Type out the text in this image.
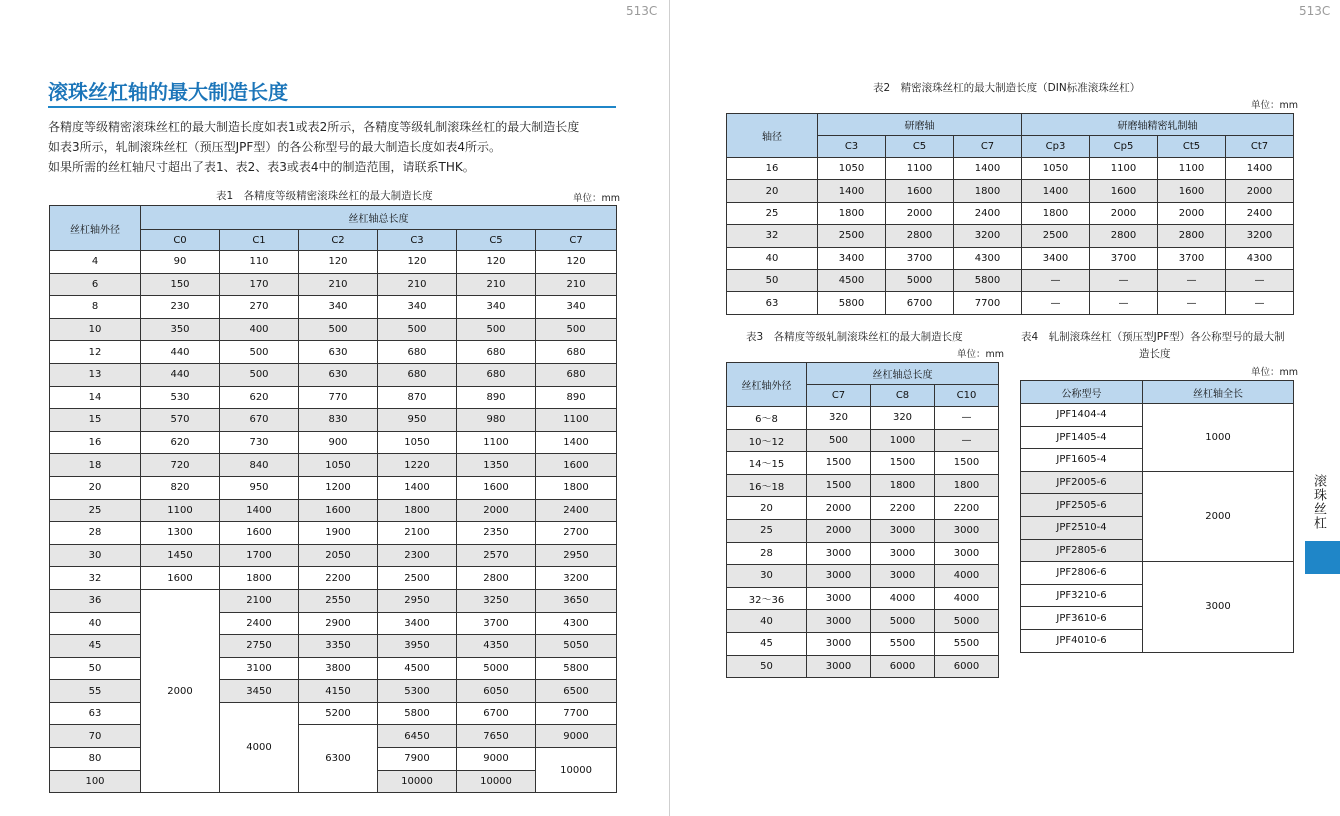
513C	513C
滚珠丝杠轴的最大制造长度
各精度等级精密滚珠丝杠的最大制造长度如表1或表2所示，各精度等级轧制滚珠丝杠的最大制造长度
如表3所示，轧制滚珠丝杠（预压型JPF型）的各公称型号的最大制造长度如表4所示。
如果所需的丝杠轴尺寸超出了表1、表2、表3或表4中的制造范围，请联系THK。
表1　各精度等级精密滚珠丝杠的最大制造长度	单位：mm
丝杠轴外径	丝杠轴总长度					
	C0	C1	C2	C3	C5	C7
4	90	110	120	120	120	120
6	150	170	210	210	210	210
8	230	270	340	340	340	340
10	350	400	500	500	500	500
12	440	500	630	680	680	680
13	440	500	630	680	680	680
14	530	620	770	870	890	890
15	570	670	830	950	980	1100
16	620	730	900	1050	1100	1400
18	720	840	1050	1220	1350	1600
20	820	950	1200	1400	1600	1800
25	1100	1400	1600	1800	2000	2400
28	1300	1600	1900	2100	2350	2700
30	1450	1700	2050	2300	2570	2950
32	1600	1800	2200	2500	2800	3200
36	2000	2100	2550	2950	3250	3650
40		2400	2900	3400	3700	4300
45		2750	3350	3950	4350	5050
50		3100	3800	4500	5000	5800
55		3450	4150	5300	6050	6500
63		4000	5200	5800	6700	7700
70			6300	6450	7650	9000
80				7900	9000	10000
100				10000	10000	
表2　精密滚珠丝杠的最大制造长度（DIN标准滚珠丝杠）
单位：mm
轴径	研磨轴			研磨轴精密轧制轴			
	C3	C5	C7	Cp3	Cp5	Ct5	Ct7
16	1050	1100	1400	1050	1100	1100	1400
20	1400	1600	1800	1400	1600	1600	2000
25	1800	2000	2400	1800	2000	2000	2400
32	2500	2800	3200	2500	2800	2800	3200
40	3400	3700	4300	3400	3700	3700	4300
50	4500	5000	5800	—	—	—	—
63	5800	6700	7700	—	—	—	—
表3　各精度等级轧制滚珠丝杠的最大制造长度
单位：mm
丝杠轴外径	丝杠轴总长度		
	C7	C8	C10
6～8	320	320	—
10～12	500	1000	—
14～15	1500	1500	1500
16～18	1500	1800	1800
20	2000	2200	2200
25	2000	3000	3000
28	3000	3000	3000
30	3000	3000	4000
32～36	3000	4000	4000
40	3000	5000	5000
45	3000	5500	5500
50	3000	6000	6000
表4　轧制滚珠丝杠（预压型JPF型）各公称型号的最大制
造长度
单位：mm
公称型号	丝杠轴全长
JPF1404-4	1000
JPF1405-4	
JPF1605-4	
JPF2005-6	2000
JPF2505-6	
JPF2510-4	
JPF2805-6	
JPF2806-6	3000
JPF3210-6	
JPF3610-6	
JPF4010-6	
滚珠丝杠
